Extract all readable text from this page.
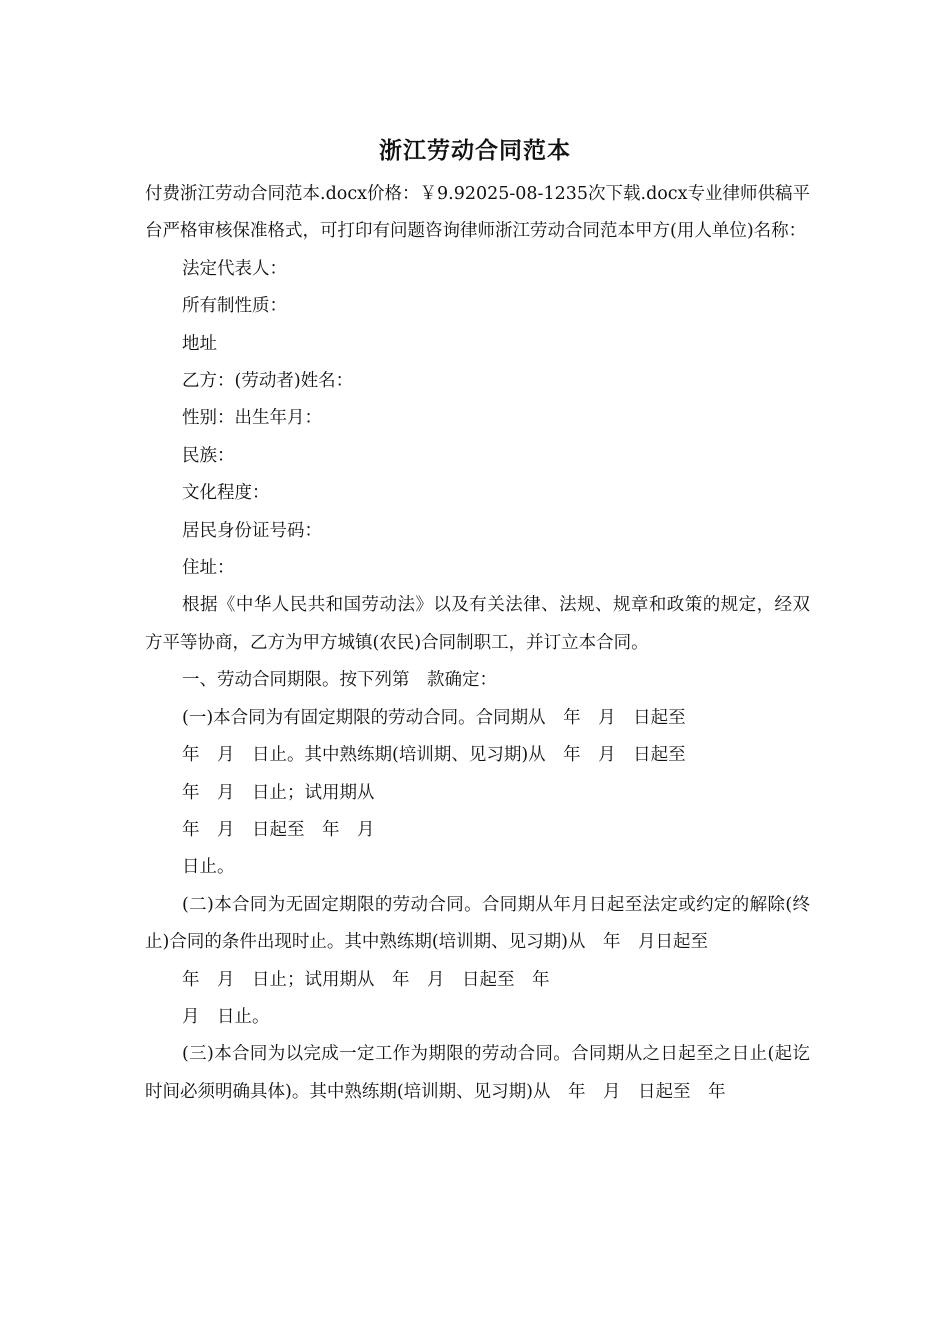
浙江劳动合同范本

付费浙江劳动合同范本.docx价格：￥9.92025-08-1235次下载.docx专业律师供稿平台严格审核保准格式，可打印有问题咨询律师浙江劳动合同范本甲方(用人单位)名称：

法定代表人：

所有制性质：

地址

乙方：(劳动者)姓名：

性别：出生年月：

民族：

文化程度：

居民身份证号码：

住址：

根据《中华人民共和国劳动法》以及有关法律、法规、规章和政策的规定，经双方平等协商，乙方为甲方城镇(农民)合同制职工，并订立本合同。

一、劳动合同期限。按下列第　款确定：

(一)本合同为有固定期限的劳动合同。合同期从　年　月　日起至

年　月　日止。其中熟练期(培训期、见习期)从　年　月　日起至

年　月　日止；试用期从

年　月　日起至　年　月

日止。

(二)本合同为无固定期限的劳动合同。合同期从年月日起至法定或约定的解除(终止)合同的条件出现时止。其中熟练期(培训期、见习期)从　年　月日起至

年　月　日止；试用期从　年　月　日起至　年

月　日止。

(三)本合同为以完成一定工作为期限的劳动合同。合同期从之日起至之日止(起讫时间必须明确具体)。其中熟练期(培训期、见习期)从　年　月　日起至　年
